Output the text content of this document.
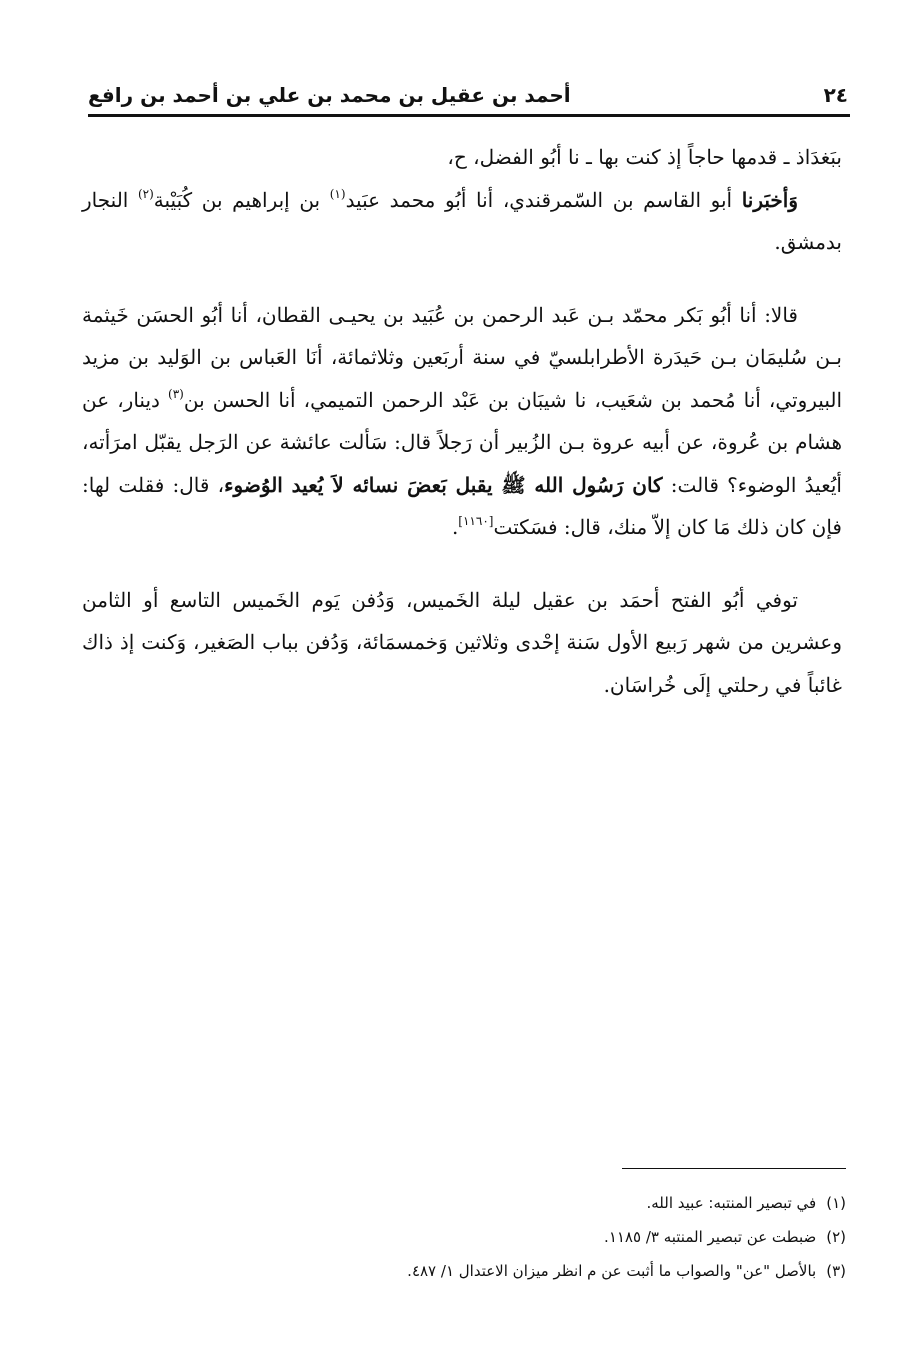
٢٤
أحمد بن عقيل بن محمد بن علي بن أحمد بن رافع

ببَغدَاذ ـ قدمها حاجاً إذ كنت بها ـ نا أبُو الفضل، ح،

وَأخبَرنا أبو القاسم بن السّمرقندي، أنا أبُو محمد عبَيد$^{(١)}$ بن إبراهيم بن كُبَيْبة$^{(٢)}$ النجار بدمشق.

قالا: أنا أبُو بَكر محمّد بـن عَبد الرحمن بن عُبَيد بن يحيـى القطان، أنا أبُو الحسَن خَيثمة بـن سُليمَان بـن حَيدَرة الأطرابلسيّ في سنة أربَعين وثلاثمائة، أنَا العَباس بن الوَليد بن مزيد البيروتي، أنا مُحمد بن شعَيب، نا شيبَان بن عَبْد الرحمن التميمي، أنا الحسن بن$^{(٣)}$ دينار، عن هشام بن عُروة، عن أبيه عروة بـن الزُبير أن رَجلاً قال: سَألت عائشة عن الرَجل يقبّل امرَأته، أيُعيدُ الوضوء؟ قالت: كان رَسُول الله ﷺ يقبل بَعضَ نسائه لاَ يُعيد الوُضوء، قال: فقلت لها: فإن كان ذلك مَا كان إلاّ منك، قال: فسَكتت[١١٦٠].

توفي أبُو الفتح أحمَد بن عقيل ليلة الخَميس، وَدُفن يَوم الخَميس التاسع أو الثامن وعشرين من شهر رَبيع الأول سَنة إحْدى وثلاثين وَخمسمَائة، وَدُفن بباب الصَغير، وَكنت إذ ذاك غائباً في رحلتي إلَى خُراسَان.

(١)
في تبصير المنتبه: عبيد الله.
(٢)
ضبطت عن تبصير المنتبه ٣/ ١١٨٥.
(٣)
بالأصل "عن" والصواب ما أثبت عن م انظر ميزان الاعتدال ١/ ٤٨٧.
